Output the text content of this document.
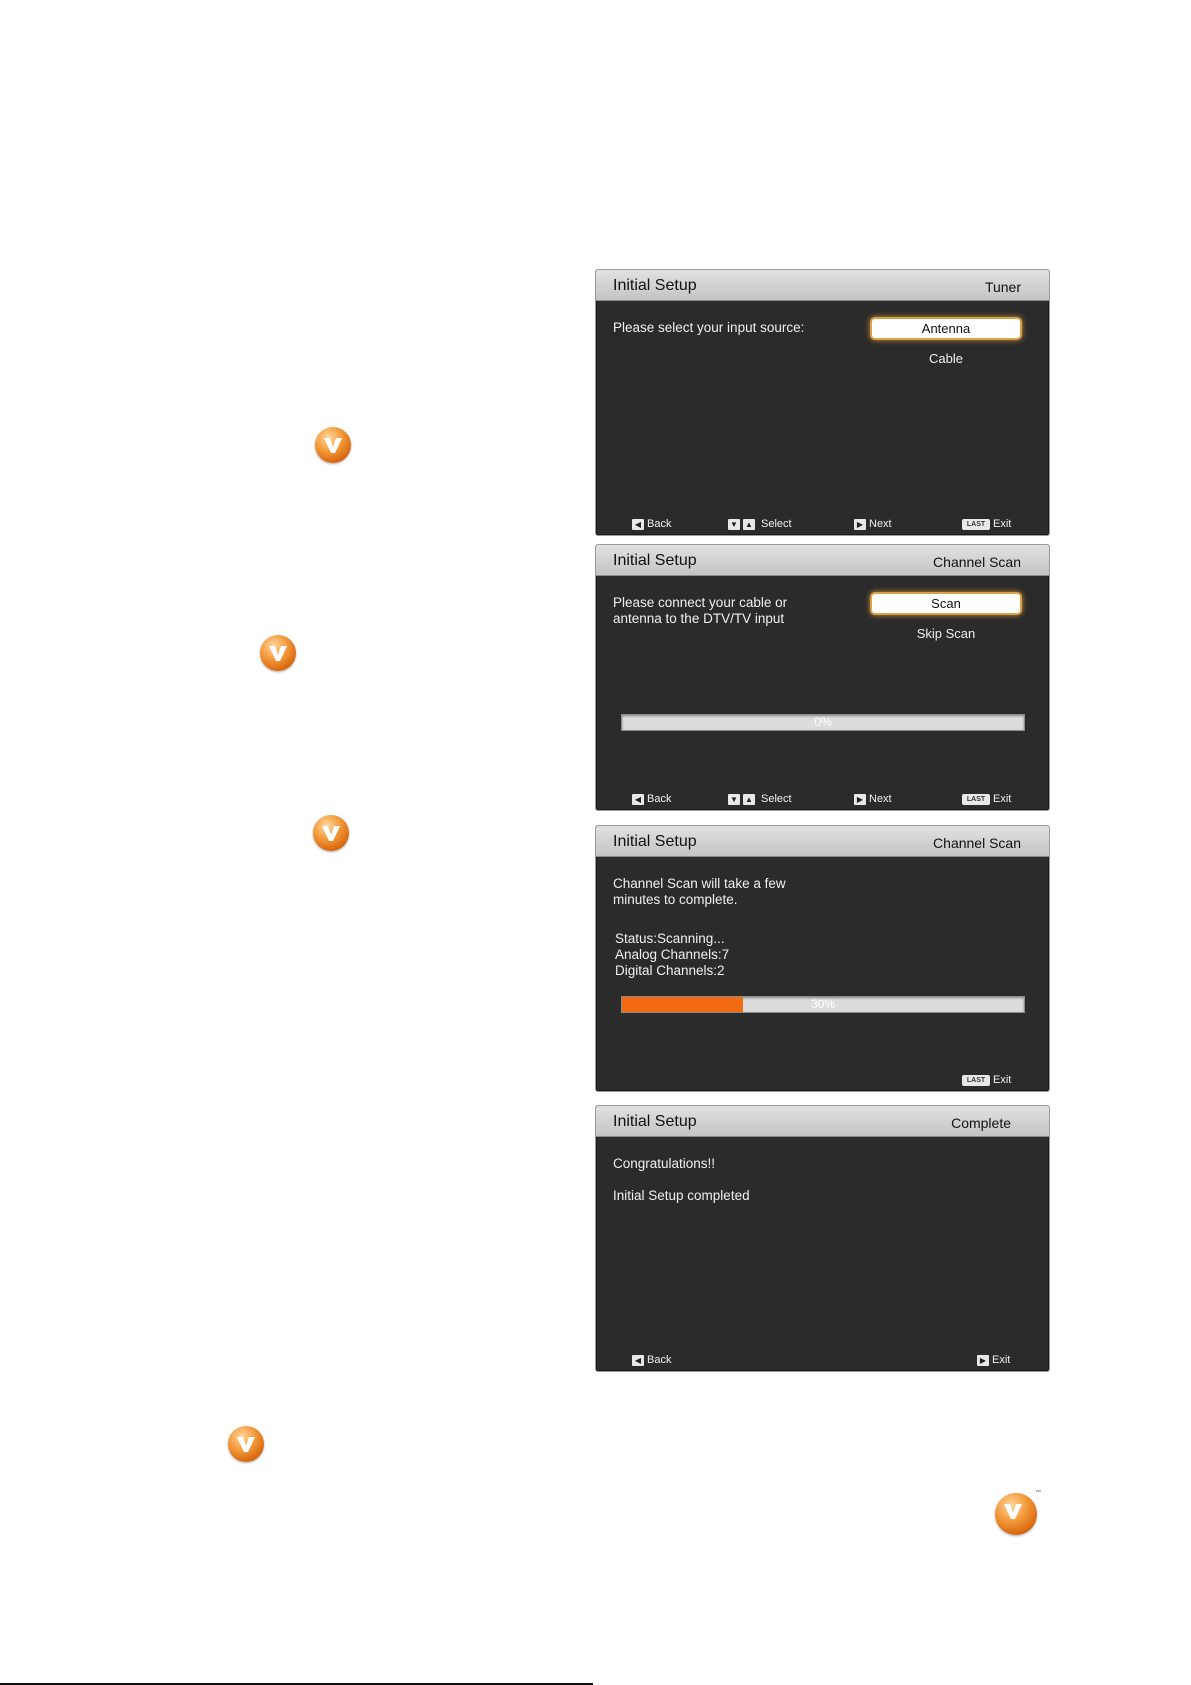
™
Initial Setup	Tuner
Please select your input source:	Antenna
Cable
◀ Back	▼ ▲ Select	▶ Next	LAST Exit
Initial Setup	Channel Scan
Please connect your cable or
antenna to the DTV/TV input
Scan
Skip Scan
0%
◀ Back	▼ ▲ Select	▶ Next	LAST Exit
Initial Setup	Channel Scan
Channel Scan will take a few
minutes to complete.
Status:Scanning...
Analog Channels:7
Digital Channels:2
30%
LAST Exit
Initial Setup	Complete
Congratulations!!
Initial Setup completed
◀ Back	▶ Exit
